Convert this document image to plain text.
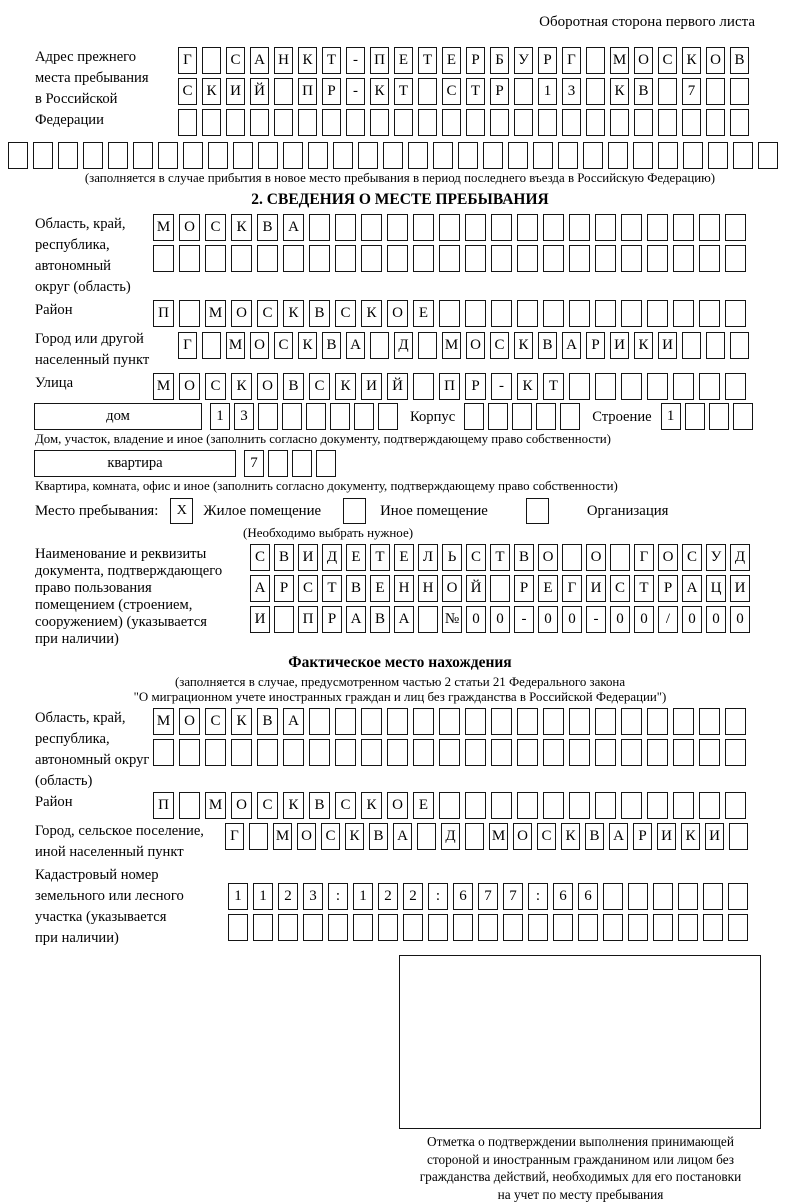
Оборотная сторона первого листа
Адрес прежнего
места пребывания
в Российской
Федерации
Г	С А Н К Т	-	П Е Т Е	Р	Б У Р	Г	М О С К О В
С К И Й П Р	-	К Т	С Т	Р	1	3	К В	7
(заполняется в случае прибытия в новое место пребывания в период последнего въезда в Российскую Федерацию)
2. СВЕДЕНИЯ О МЕСТЕ ПРЕБЫВАНИЯ
Область, край,
республика,
автономный
округ (область)
М О	С	К	В	А
Район	П	М О	С	К	В	С	К	О	Е
Город или другой
населенный пункт
Г	М О С К В А Д М О С К В А Р И К И
Улица	М О	С	К	О	В	С	К	И	Й	П	Р	-	К	Т
дом	1	3	Корпус	Строение	1
Дом, участок, владение и иное (заполнить согласно документу, подтверждающему право собственности)
квартира	7
Квартира, комната, офис и иное (заполнить согласно документу, подтверждающему право собственности)
Место пребывания:	X	Жилое помещение	Иное помещение	Организация
(Необходимо выбрать нужное)
Наименование и реквизиты
документа, подтверждающего
право пользования
помещением (строением,
сооружением) (указывается
при наличии)
С В И Д Е Т Е Л Ь С Т В О	О	Г О С У Д
А Р С Т В Е Н Н О Й	Р	Е	Г И С Т	Р А Ц И
И	П Р А В А	№ 0	0	-	0	0	-	0	0	/	0	0	0
Фактическое место нахождения
(заполняется в случае, предусмотренном частью 2 статьи 21 Федерального закона
"О миграционном учете иностранных граждан и лиц без гражданства в Российской Федерации")
Область, край,
республика,
автономный округ
(область)
М О	С	К	В	А
Район	П	М О	С	К	В	С	К	О	Е
Город, сельское поселение,
иной населенный пункт
Г	М О С К В А Д М О С К В А Р И К И
Кадастровый номер
земельного или лесного
участка (указывается
при наличии)
1	1	2	3	:	1	2	2	:	6	7	7	:	6	6
Отметка о подтверждении выполнения принимающей
стороной и иностранным гражданином или лицом без
гражданства действий, необходимых для его постановки
на учет по месту пребывания
